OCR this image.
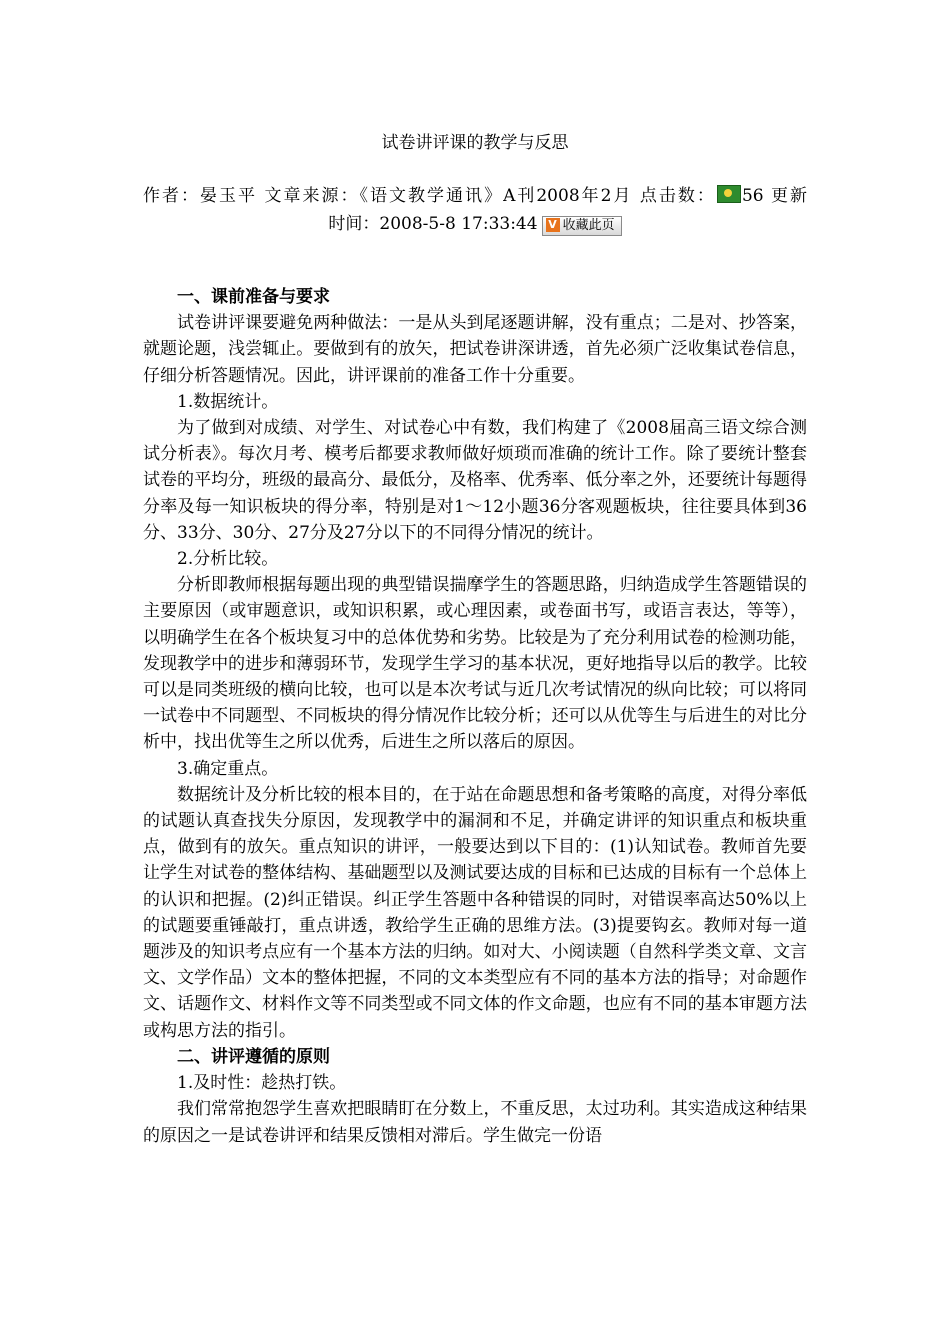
试卷讲评课的教学与反思
作者：晏玉平 文章来源：《语文教学通讯》A刊2008年2月 点击数： 56 更新
时间：2008-5-8 17:33:44 V 收藏此页
一、课前准备与要求

试卷讲评课要避免两种做法：一是从头到尾逐题讲解，没有重点；二是对、抄答案，就题论题，浅尝辄止。要做到有的放矢，把试卷讲深讲透，首先必须广泛收集试卷信息，仔细分析答题情况。因此，讲评课前的准备工作十分重要。

1.数据统计。

为了做到对成绩、对学生、对试卷心中有数，我们构建了《2008届高三语文综合测试分析表》。每次月考、模考后都要求教师做好烦琐而准确的统计工作。除了要统计整套试卷的平均分，班级的最高分、最低分，及格率、优秀率、低分率之外，还要统计每题得分率及每一知识板块的得分率，特别是对1～12小题36分客观题板块，往往要具体到36分、33分、30分、27分及27分以下的不同得分情况的统计。

2.分析比较。

分析即教师根据每题出现的典型错误揣摩学生的答题思路，归纳造成学生答题错误的主要原因（或审题意识，或知识积累，或心理因素，或卷面书写，或语言表达，等等），以明确学生在各个板块复习中的总体优势和劣势。比较是为了充分利用试卷的检测功能，发现教学中的进步和薄弱环节，发现学生学习的基本状况，更好地指导以后的教学。比较可以是同类班级的横向比较，也可以是本次考试与近几次考试情况的纵向比较；可以将同一试卷中不同题型、不同板块的得分情况作比较分析；还可以从优等生与后进生的对比分析中，找出优等生之所以优秀，后进生之所以落后的原因。

3.确定重点。

数据统计及分析比较的根本目的，在于站在命题思想和备考策略的高度，对得分率低的试题认真查找失分原因，发现教学中的漏洞和不足，并确定讲评的知识重点和板块重点，做到有的放矢。重点知识的讲评，一般要达到以下目的：(1)认知试卷。教师首先要让学生对试卷的整体结构、基础题型以及测试要达成的目标和已达成的目标有一个总体上的认识和把握。(2)纠正错误。纠正学生答题中各种错误的同时，对错误率高达50%以上的试题要重锤敲打，重点讲透，教给学生正确的思维方法。(3)提要钩玄。教师对每一道题涉及的知识考点应有一个基本方法的归纳。如对大、小阅读题（自然科学类文章、文言文、文学作品）文本的整体把握，不同的文本类型应有不同的基本方法的指导；对命题作文、话题作文、材料作文等不同类型或不同文体的作文命题，也应有不同的基本审题方法或构思方法的指引。

二、讲评遵循的原则

1.及时性：趁热打铁。

我们常常抱怨学生喜欢把眼睛盯在分数上，不重反思，太过功利。其实造成这种结果的原因之一是试卷讲评和结果反馈相对滞后。学生做完一份语
